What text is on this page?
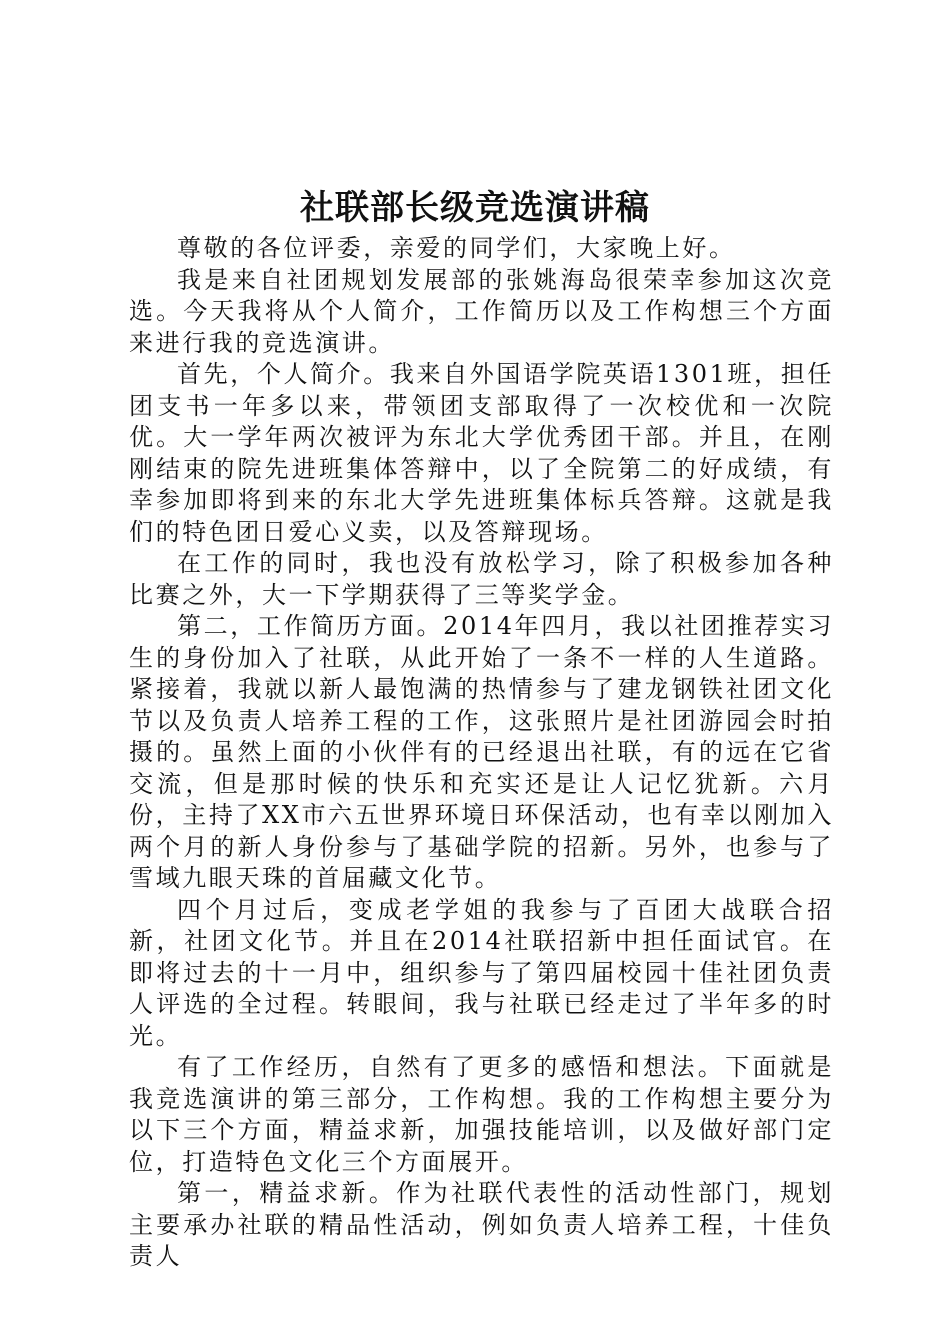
社联部长级竞选演讲稿

尊敬的各位评委，亲爱的同学们，大家晚上好。

我是来自社团规划发展部的张姚海岛很荣幸参加这次竞选。今天我将从个人简介，工作简历以及工作构想三个方面来进行我的竞选演讲。

首先，个人简介。我来自外国语学院英语1301班，担任团支书一年多以来，带领团支部取得了一次校优和一次院优。大一学年两次被评为东北大学优秀团干部。并且，在刚刚结束的院先进班集体答辩中，以了全院第二的好成绩，有幸参加即将到来的东北大学先进班集体标兵答辩。这就是我们的特色团日爱心义卖，以及答辩现场。

在工作的同时，我也没有放松学习，除了积极参加各种比赛之外，大一下学期获得了三等奖学金。

第二，工作简历方面。2014年四月，我以社团推荐实习生的身份加入了社联，从此开始了一条不一样的人生道路。紧接着，我就以新人最饱满的热情参与了建龙钢铁社团文化节以及负责人培养工程的工作，这张照片是社团游园会时拍摄的。虽然上面的小伙伴有的已经退出社联，有的远在它省交流，但是那时候的快乐和充实还是让人记忆犹新。六月份，主持了XX市六五世界环境日环保活动，也有幸以刚加入两个月的新人身份参与了基础学院的招新。另外，也参与了雪域九眼天珠的首届藏文化节。

四个月过后，变成老学姐的我参与了百团大战联合招新，社团文化节。并且在2014社联招新中担任面试官。在即将过去的十一月中，组织参与了第四届校园十佳社团负责人评选的全过程。转眼间，我与社联已经走过了半年多的时光。

有了工作经历，自然有了更多的感悟和想法。下面就是我竞选演讲的第三部分，工作构想。我的工作构想主要分为以下三个方面，精益求新，加强技能培训，以及做好部门定位，打造特色文化三个方面展开。

第一，精益求新。作为社联代表性的活动性部门，规划主要承办社联的精品性活动，例如负责人培养工程，十佳负责人
